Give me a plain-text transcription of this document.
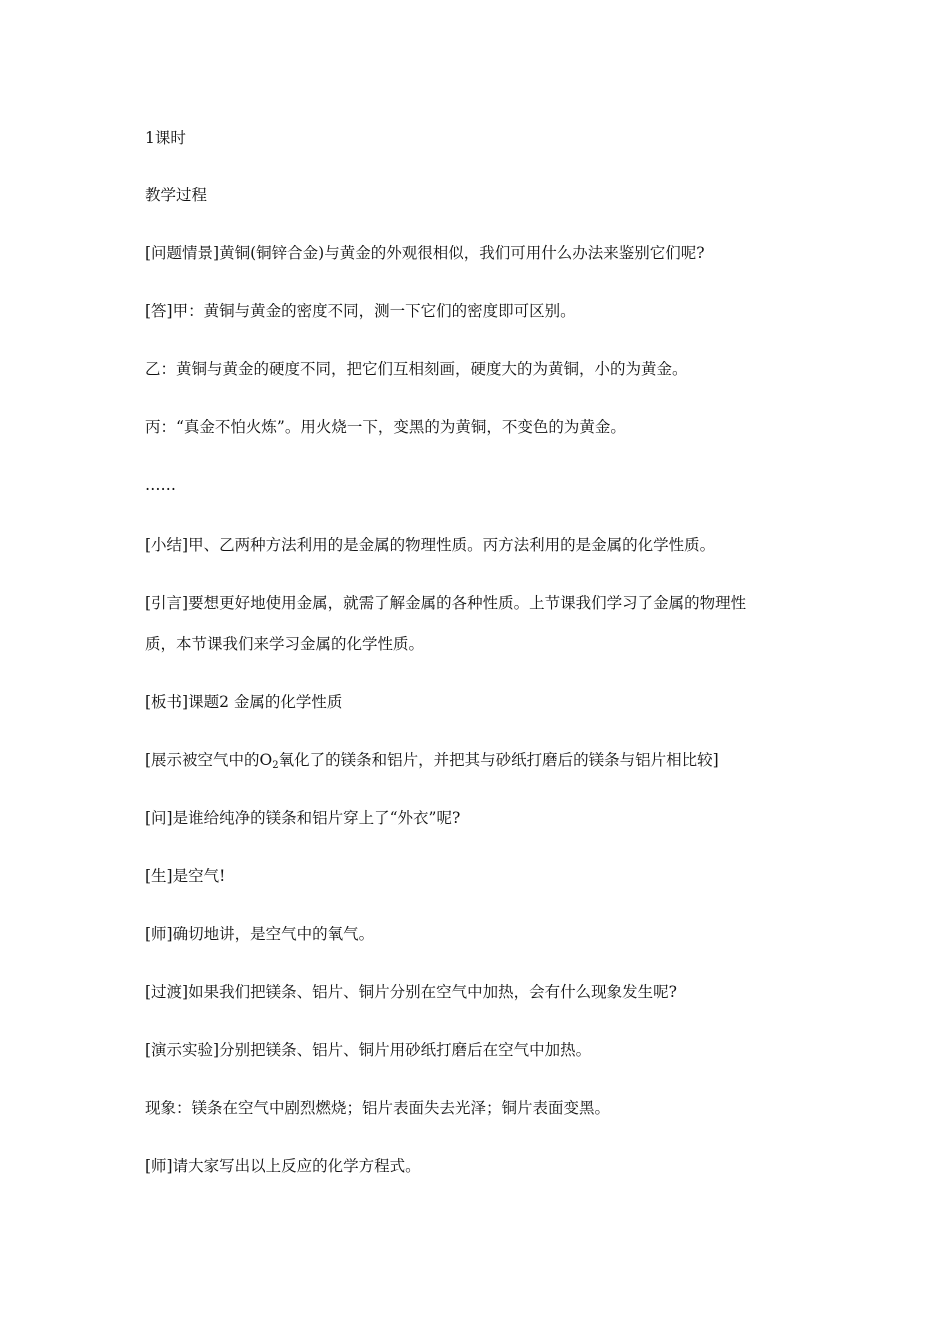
1课时
教学过程
[问题情景]黄铜(铜锌合金)与黄金的外观很相似，我们可用什么办法来鉴别它们呢?
[答]甲：黄铜与黄金的密度不同，测一下它们的密度即可区别。
乙：黄铜与黄金的硬度不同，把它们互相刻画，硬度大的为黄铜，小的为黄金。
丙：“真金不怕火炼”。用火烧一下，变黑的为黄铜，不变色的为黄金。
……
[小结]甲、乙两种方法利用的是金属的物理性质。丙方法利用的是金属的化学性质。
[引言]要想更好地使用金属，就需了解金属的各种性质。上节课我们学习了金属的物理性
质，本节课我们来学习金属的化学性质。
[板书]课题2 金属的化学性质
[展示被空气中的$O_2$氧化了的镁条和铝片，并把其与砂纸打磨后的镁条与铝片相比较]
[问]是谁给纯净的镁条和铝片穿上了“外衣”呢?
[生]是空气!
[师]确切地讲，是空气中的氧气。
[过渡]如果我们把镁条、铝片、铜片分别在空气中加热，会有什么现象发生呢?
[演示实验]分别把镁条、铝片、铜片用砂纸打磨后在空气中加热。
现象：镁条在空气中剧烈燃烧；铝片表面失去光泽；铜片表面变黑。
[师]请大家写出以上反应的化学方程式。
